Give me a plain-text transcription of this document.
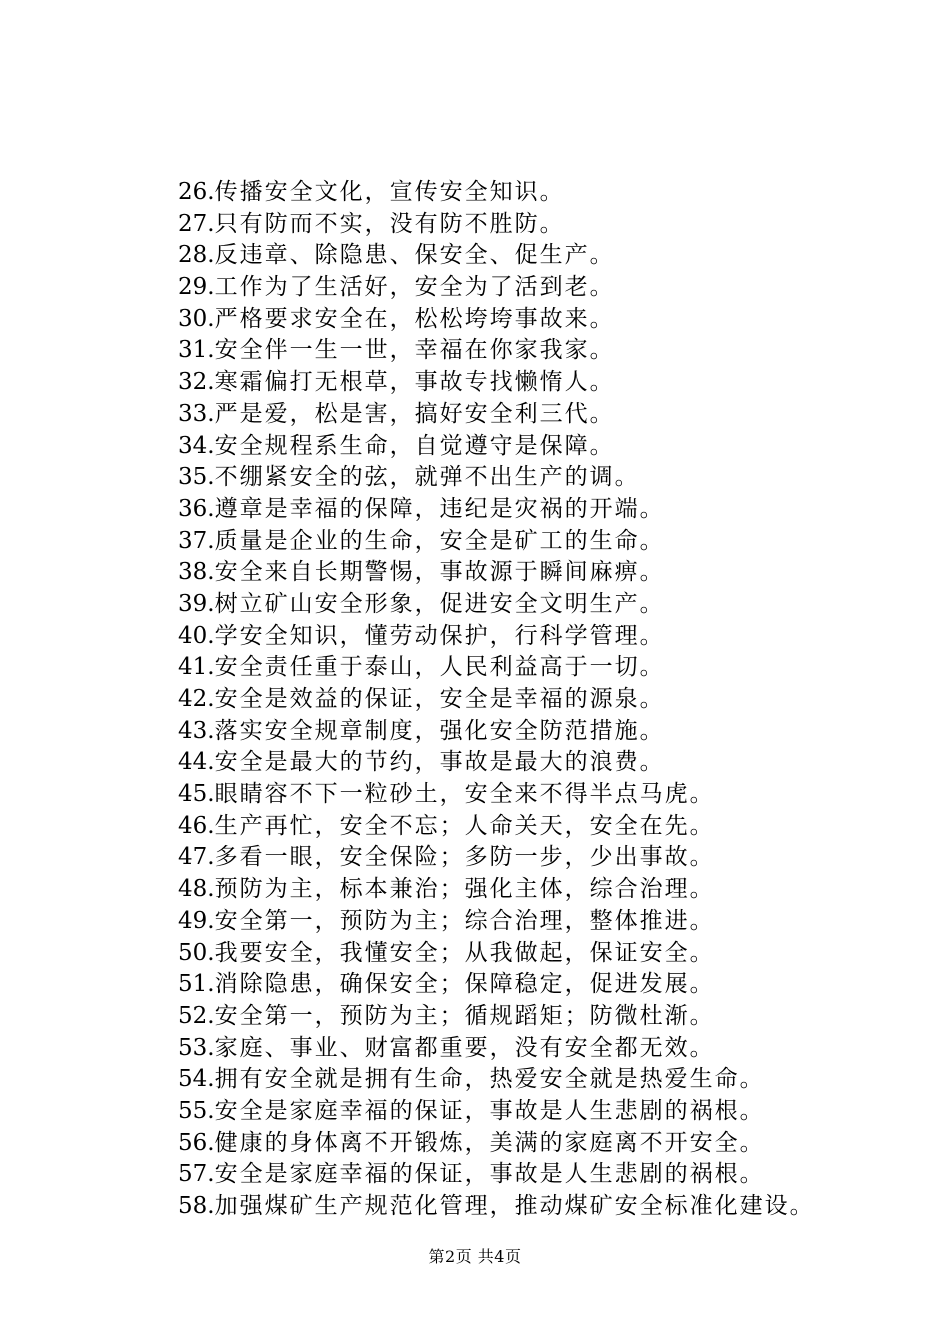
26.传播安全文化，宣传安全知识。
27.只有防而不实，没有防不胜防。
28.反违章、除隐患、保安全、促生产。
29.工作为了生活好，安全为了活到老。
30.严格要求安全在，松松垮垮事故来。
31.安全伴一生一世，幸福在你家我家。
32.寒霜偏打无根草，事故专找懒惰人。
33.严是爱，松是害，搞好安全利三代。
34.安全规程系生命，自觉遵守是保障。
35.不绷紧安全的弦，就弹不出生产的调。
36.遵章是幸福的保障，违纪是灾祸的开端。
37.质量是企业的生命，安全是矿工的生命。
38.安全来自长期警惕，事故源于瞬间麻痹。
39.树立矿山安全形象，促进安全文明生产。
40.学安全知识，懂劳动保护，行科学管理。
41.安全责任重于泰山，人民利益高于一切。
42.安全是效益的保证，安全是幸福的源泉。
43.落实安全规章制度，强化安全防范措施。
44.安全是最大的节约，事故是最大的浪费。
45.眼睛容不下一粒砂土，安全来不得半点马虎。
46.生产再忙，安全不忘；人命关天，安全在先。
47.多看一眼，安全保险；多防一步，少出事故。
48.预防为主，标本兼治；强化主体，综合治理。
49.安全第一，预防为主；综合治理，整体推进。
50.我要安全，我懂安全；从我做起，保证安全。
51.消除隐患，确保安全；保障稳定，促进发展。
52.安全第一，预防为主；循规蹈矩；防微杜渐。
53.家庭、事业、财富都重要，没有安全都无效。
54.拥有安全就是拥有生命，热爱安全就是热爱生命。
55.安全是家庭幸福的保证，事故是人生悲剧的祸根。
56.健康的身体离不开锻炼，美满的家庭离不开安全。
57.安全是家庭幸福的保证，事故是人生悲剧的祸根。
58.加强煤矿生产规范化管理，推动煤矿安全标准化建设。
第2页 共4页
